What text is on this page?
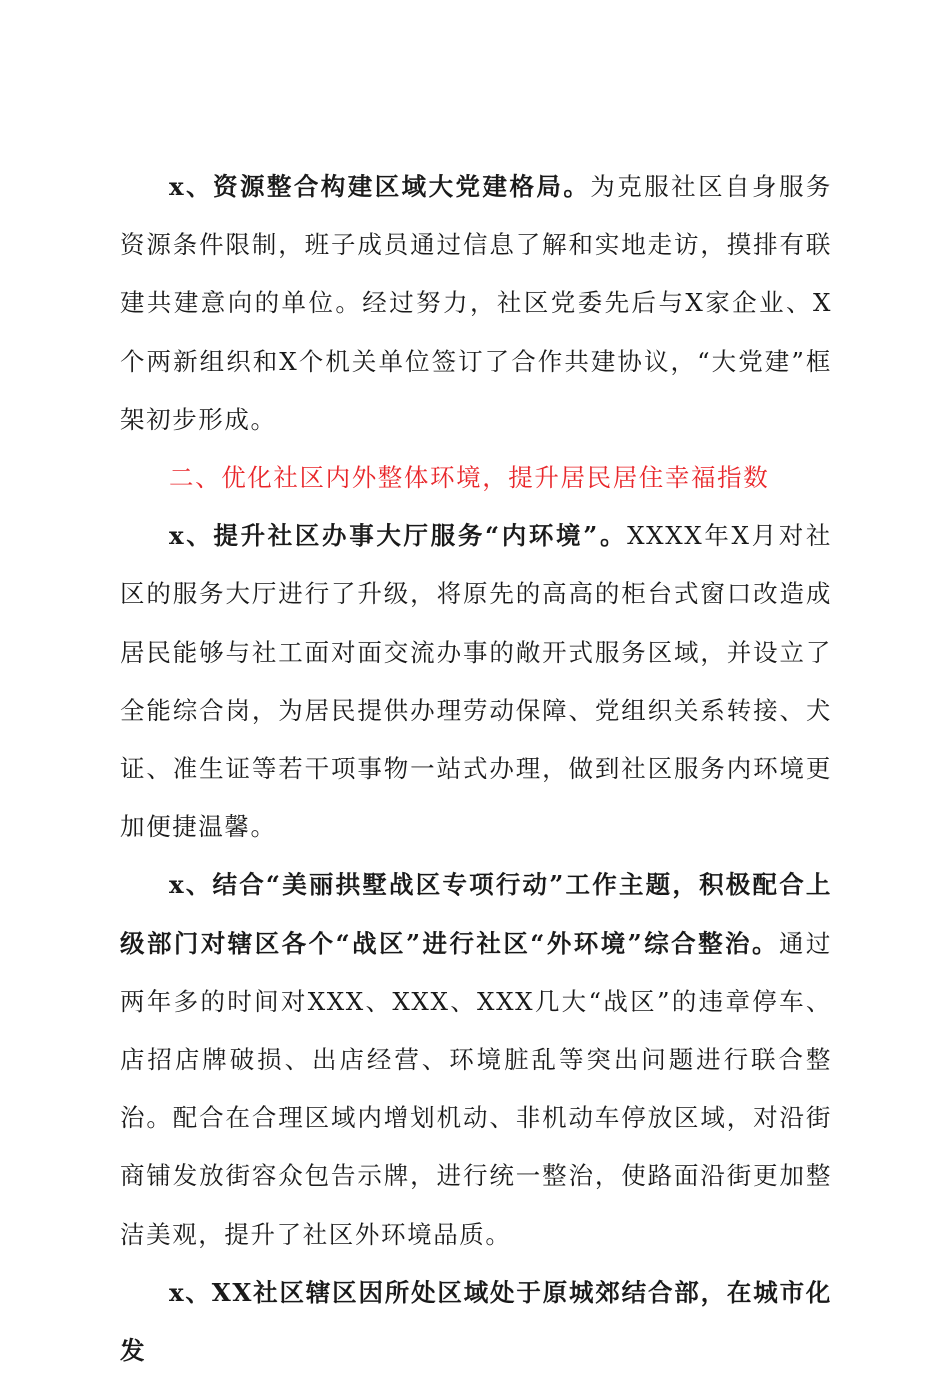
x、资源整合构建区域大党建格局。为克服社区自身服务资源条件限制，班子成员通过信息了解和实地走访，摸排有联建共建意向的单位。经过努力，社区党委先后与X家企业、X个两新组织和X个机关单位签订了合作共建协议，“大党建”框架初步形成。

二、优化社区内外整体环境，提升居民居住幸福指数

x、提升社区办事大厅服务“内环境”。XXXX年X月对社区的服务大厅进行了升级，将原先的高高的柜台式窗口改造成居民能够与社工面对面交流办事的敞开式服务区域，并设立了全能综合岗，为居民提供办理劳动保障、党组织关系转接、犬证、准生证等若干项事物一站式办理，做到社区服务内环境更加便捷温馨。

x、结合“美丽拱墅战区专项行动”工作主题，积极配合上级部门对辖区各个“战区”进行社区“外环境”综合整治。通过两年多的时间对XXX、XXX、XXX几大“战区”的违章停车、店招店牌破损、出店经营、环境脏乱等突出问题进行联合整治。配合在合理区域内增划机动、非机动车停放区域，对沿街商铺发放街容众包告示牌，进行统一整治，使路面沿街更加整洁美观，提升了社区外环境品质。

x、XX社区辖区因所处区域处于原城郊结合部，在城市化发
